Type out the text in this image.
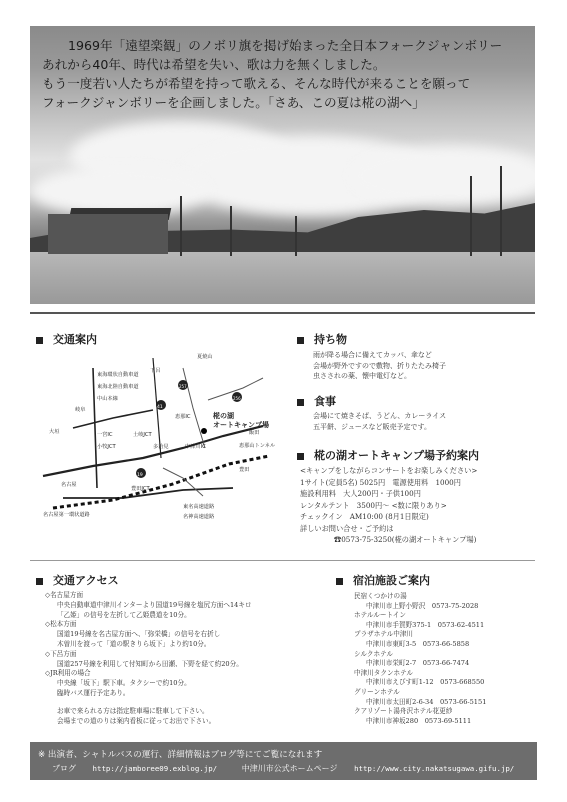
1969年「遠望楽観」のノボリ旗を掲げ始まった全日本フォークジャンボリー

あれから40年、時代は希望を失い、歌は力を無くしました。

もう一度若い人たちが希望を持って歌える、そんな時代が来ることを願って

フォークジャンボリーを企画しました。「さあ、この夏は椛の湖へ」

交通案内
夏焼山
下呂
東海環状自動車道
東海北陸自動車道
中山本線
岐阜
大垣	一宮IC
小牧JCT
名古屋
豊田JCT
土岐JCT
多治見
恵那IC
中津川IC
椛の湖
オートキャンプ場
恵那山トンネル
飯田
豊田
東名高速道路
名神高速道路
名古屋第一環状道路
41
257
256
19
持ち物
雨が降る場合に備えてカッパ、傘など
会場が野外ですので敷物、折りたたみ椅子
虫さされの薬、懐中電灯など。
食事
会場にて焼きそば、うどん、カレーライス
五平餅、ジュースなど販売予定です。
椛の湖オートキャンプ場予約案内
<キャンプをしながらコンサートをお楽しみください>
1サイト(定員5名) 5025円　電源使用料　1000円
施設利用料　大人200円・子供100円
レンタルテント　3500円～ <数に限りあり>
チェックイン　AM10:00 (8月1日限定)
詳しいお問い合せ・ご予約は
☎0573-75-3250(椛の湖オートキャンプ場)
交通アクセス
◇名古屋方面
中央自動車道中津川インターより国道19号線を塩尻方面へ14キロ
「乙姫」の信号を左折して乙姫農道を10分。
◇松本方面
国道19号線を名古屋方面へ、「弥栄橋」の信号を右折し
木曽川を渡って「道の駅きりら坂下」より約10分。
◇下呂方面
国道257号線を利用して付知町から田瀬、下野を経て約20分。
◇JR利用の場合
中央線「坂下」駅下車。タクシーで約10分。
臨時バス運行予定あり。
お車で来られる方は指定駐車場に駐車して下さい。
会場までの道のりは案内看板に従ってお出で下さい。
宿泊施設ご案内
民宿くつかけの湯
中津川市上野小野沢　0573-75-2028
ホテルルートイン
中津川市手賀野375-1　0573-62-4511
プラザホテル中津川
中津川市東町3-5　0573-66-5858
シルクホテル
中津川市栄町2-7　0573-66-7474
中津川タクンホテル
中津川市えびす町1-12　0573-668550
グリーンホテル
中津川市太田町2-6-34　0573-66-5151
クアリゾート湯舟沢ホテル花更紗
中津川市神坂280　0573-69-5111
※ 出演者、シャトルバスの運行、詳細情報はブログ等にてご覧になれます
ブログ http://jamboree09.exblog.jp/	中津川市公式ホームページ http://www.city.nakatsugawa.gifu.jp/
